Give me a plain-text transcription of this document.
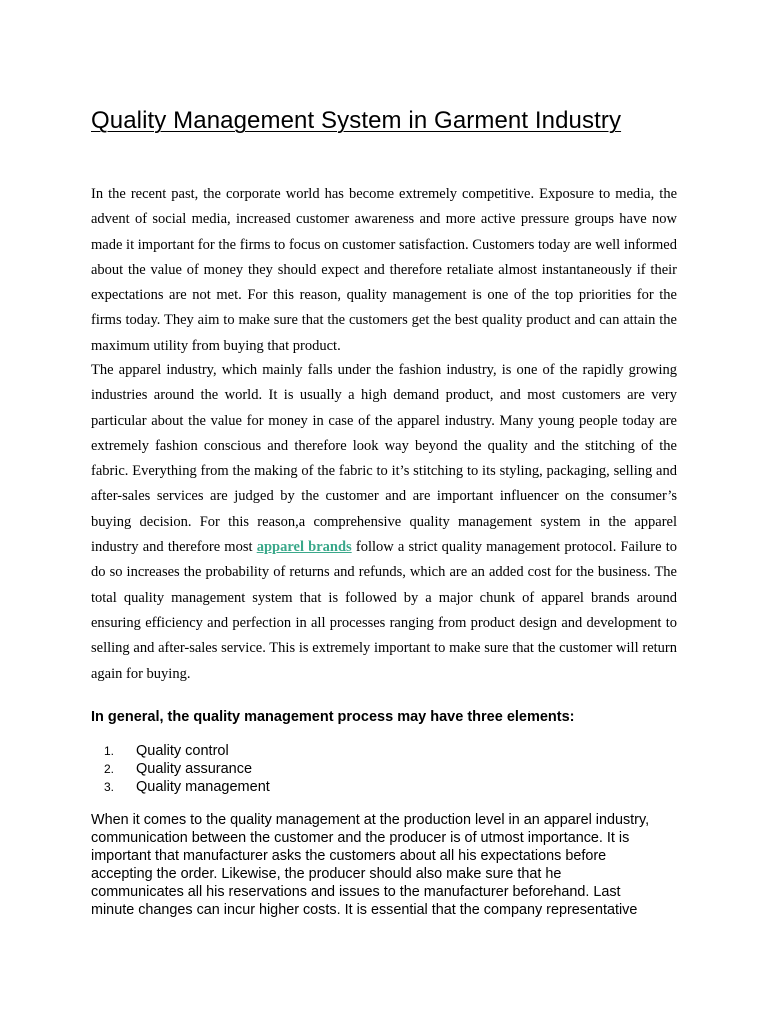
Quality Management System in Garment Industry

In the recent past, the corporate world has become extremely competitive. Exposure to media, the advent of social media, increased customer awareness and more active pressure groups have now made it important for the firms to focus on customer satisfaction. Customers today are well informed about the value of money they should expect and therefore retaliate almost instantaneously if their expectations are not met. For this reason, quality management is one of the top priorities for the firms today. They aim to make sure that the customers get the best quality product and can attain the maximum utility from buying that product.

The apparel industry, which mainly falls under the fashion industry, is one of the rapidly growing industries around the world. It is usually a high demand product, and most customers are very particular about the value for money in case of the apparel industry. Many young people today are extremely fashion conscious and therefore look way beyond the quality and the stitching of the fabric. Everything from the making of the fabric to it’s stitching to its styling, packaging, selling and after-sales services are judged by the customer and are important influencer on the consumer’s buying decision. For this reason,a comprehensive quality management system in the apparel industry and therefore most apparel brands follow a strict quality management protocol. Failure to do so increases the probability of returns and refunds, which are an added cost for the business. The total quality management system that is followed by a major chunk of apparel brands around ensuring efficiency and perfection in all processes ranging from product design and development to selling and after-sales service. This is extremely important to make sure that the customer will return again for buying.

In general, the quality management process may have three elements:

1. Quality control
2. Quality assurance
3. Quality management

When it comes to the quality management at the production level in an apparel industry,
communication between the customer and the producer is of utmost importance. It is
important that manufacturer asks the customers about all his expectations before
accepting the order. Likewise, the producer should also make sure that he
communicates all his reservations and issues to the manufacturer beforehand. Last
minute changes can incur higher costs. It is essential that the company representative
